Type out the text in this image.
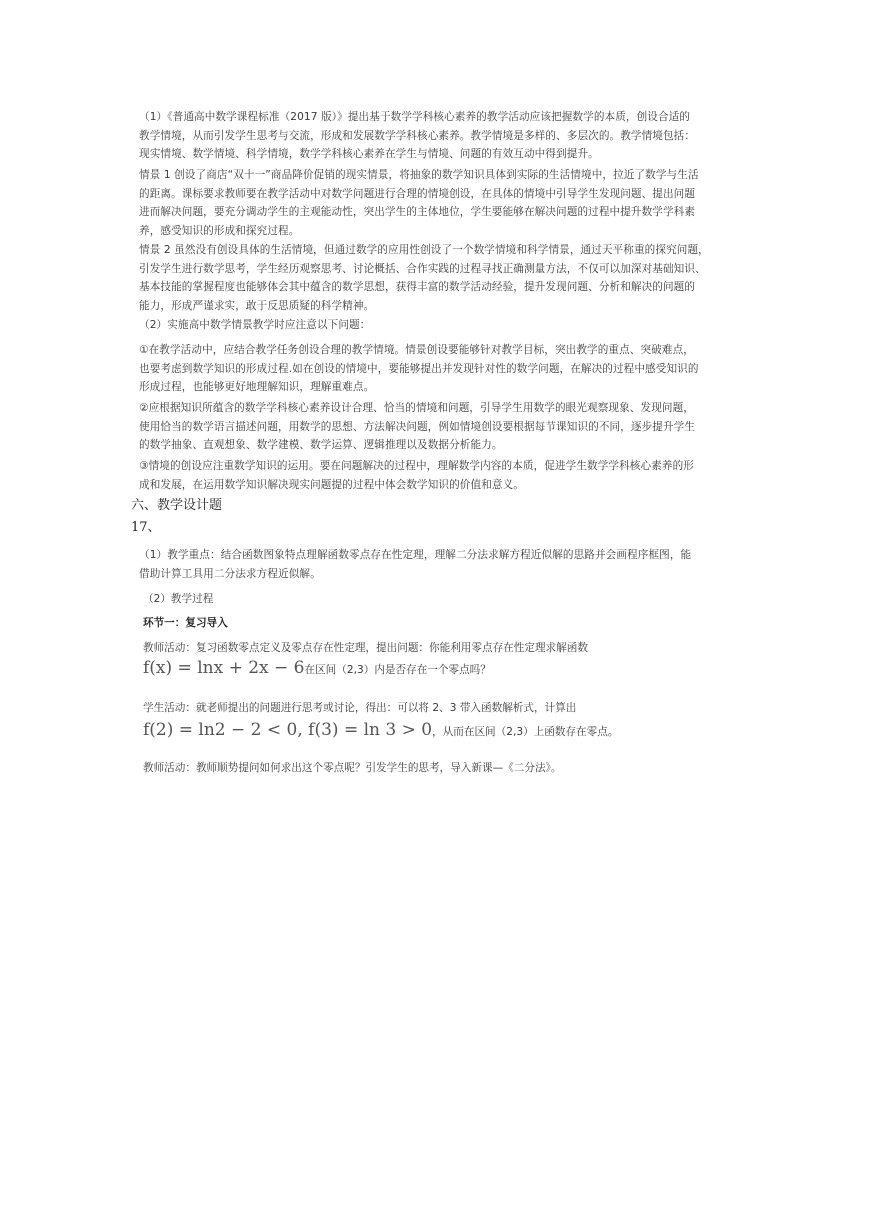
（1）《普通高中数学课程标准（2017 版）》提出基于数学学科核心素养的教学活动应该把握数学的本质，创设合适的
教学情境，从而引发学生思考与交流，形成和发展数学学科核心素养。教学情境是多样的、多层次的。教学情境包括：
现实情境、数学情境、科学情境，数学学科核心素养在学生与情境、问题的有效互动中得到提升。
情景 1 创设了商店“双十一”商品降价促销的现实情景，将抽象的数学知识具体到实际的生活情境中，拉近了数学与生活
的距离。课标要求教师要在教学活动中对数学问题进行合理的情境创设，在具体的情境中引导学生发现问题、提出问题
进而解决问题，要充分调动学生的主观能动性，突出学生的主体地位，学生要能够在解决问题的过程中提升数学学科素
养，感受知识的形成和探究过程。
情景 2 虽然没有创设具体的生活情境，但通过数学的应用性创设了一个数学情境和科学情景，通过天平称重的探究问题，
引发学生进行数学思考，学生经历观察思考、讨论概括、合作实践的过程寻找正确测量方法，不仅可以加深对基础知识、
基本技能的掌握程度也能够体会其中蕴含的数学思想，获得丰富的数学活动经验，提升发现问题、分析和解决的问题的
能力，形成严谨求实，敢于反思质疑的科学精神。
（2）实施高中数学情景教学时应注意以下问题：
①在教学活动中，应结合教学任务创设合理的教学情境。情景创设要能够针对教学目标，突出教学的重点、突破难点，
也要考虑到数学知识的形成过程.如在创设的情境中，要能够提出并发现针对性的数学问题，在解决的过程中感受知识的
形成过程，也能够更好地理解知识，理解重难点。
②应根据知识所蕴含的数学学科核心素养设计合理、恰当的情境和问题，引导学生用数学的眼光观察现象、发现问题，
使用恰当的数学语言描述问题，用数学的思想、方法解决问题，例如情境创设要根据每节课知识的不同，逐步提升学生
的数学抽象、直观想象、数学建模、数学运算、逻辑推理以及数据分析能力。
③情境的创设应注重数学知识的运用。要在问题解决的过程中，理解数学内容的本质，促进学生数学学科核心素养的形
成和发展，在运用数学知识解决现实问题提的过程中体会数学知识的价值和意义。
六、教学设计题
17、
（1）教学重点：结合函数图象特点理解函数零点存在性定理，理解二分法求解方程近似解的思路并会画程序框图，能
借助计算工具用二分法求方程近似解。
（2）教学过程
环节一：复习导入
教师活动：复习函数零点定义及零点存在性定理，提出问题：你能利用零点存在性定理求解函数
f(x) = lnx + 2x − 6在区间（2,3）内是否存在一个零点吗？
学生活动：就老师提出的问题进行思考或讨论，得出：可以将 2、3 带入函数解析式，计算出
f(2) = ln2 − 2 < 0, f(3) = ln 3 > 0，从而在区间（2,3）上函数存在零点。
教师活动：教师顺势提问如何求出这个零点呢？引发学生的思考，导入新课—《二分法》。
